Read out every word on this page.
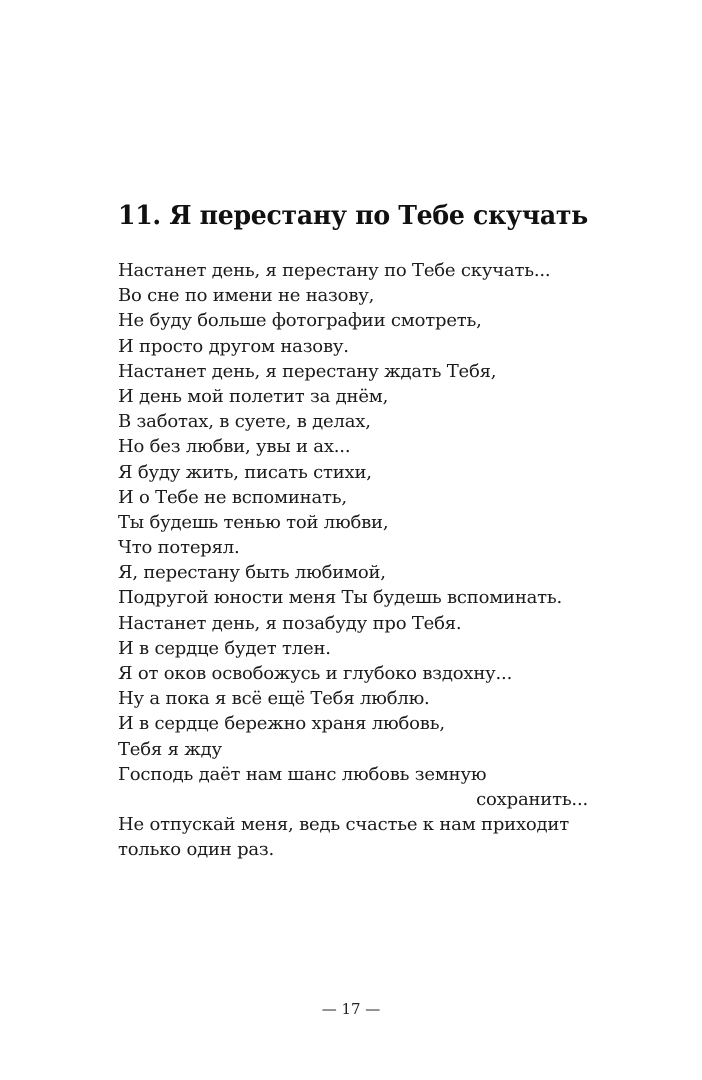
11. Я перестану по Тебе скучать
Настанет день, я перестану по Тебе скучать...
Во сне по имени не назову,
Не буду больше фотографии смотреть,
И просто другом назову.
Настанет день, я перестану ждать Тебя,
И день мой полетит за днём,
В заботах, в суете, в делах,
Но без любви, увы и ах...
Я буду жить, писать стихи,
И о Тебе не вспоминать,
Ты будешь тенью той любви,
Что потерял.
Я, перестану быть любимой,
Подругой юности меня Ты будешь вспоминать.
Настанет день, я позабуду про Тебя.
И в сердце будет тлен.
Я от оков освобожусь и глубоко вздохну...
Ну а пока я всё ещё Тебя люблю.
И в сердце бережно храня любовь,
Тебя я жду
Господь даёт нам шанс любовь земную
сохранить...
Не отпускай меня, ведь счастье к нам приходит
только один раз.
— 17 —
